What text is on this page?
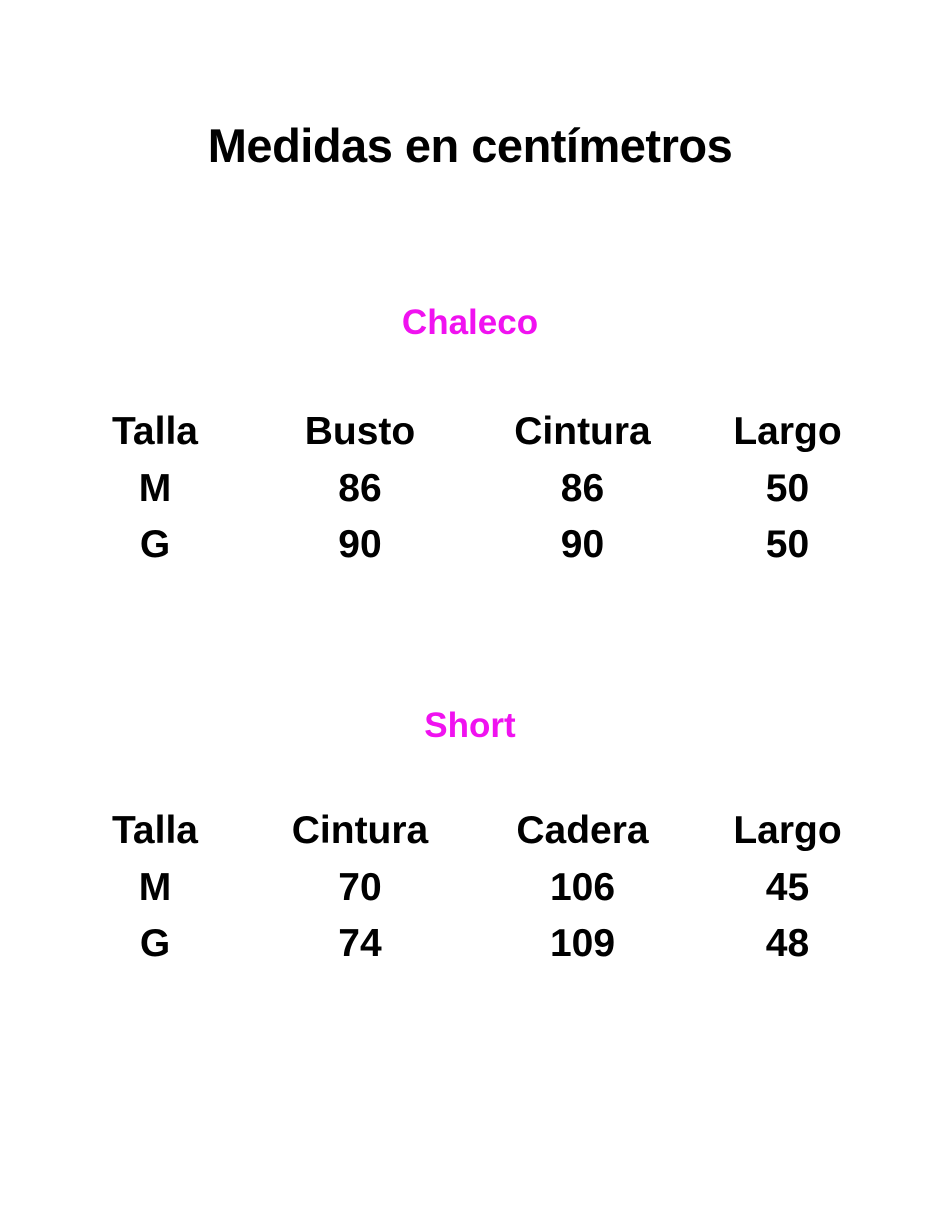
Medidas en centímetros
Chaleco
Talla	Busto	Cintura	Largo
M	86	86	50
G	90	90	50
Short
Talla	Cintura	Cadera	Largo
M	70	106	45
G	74	109	48
